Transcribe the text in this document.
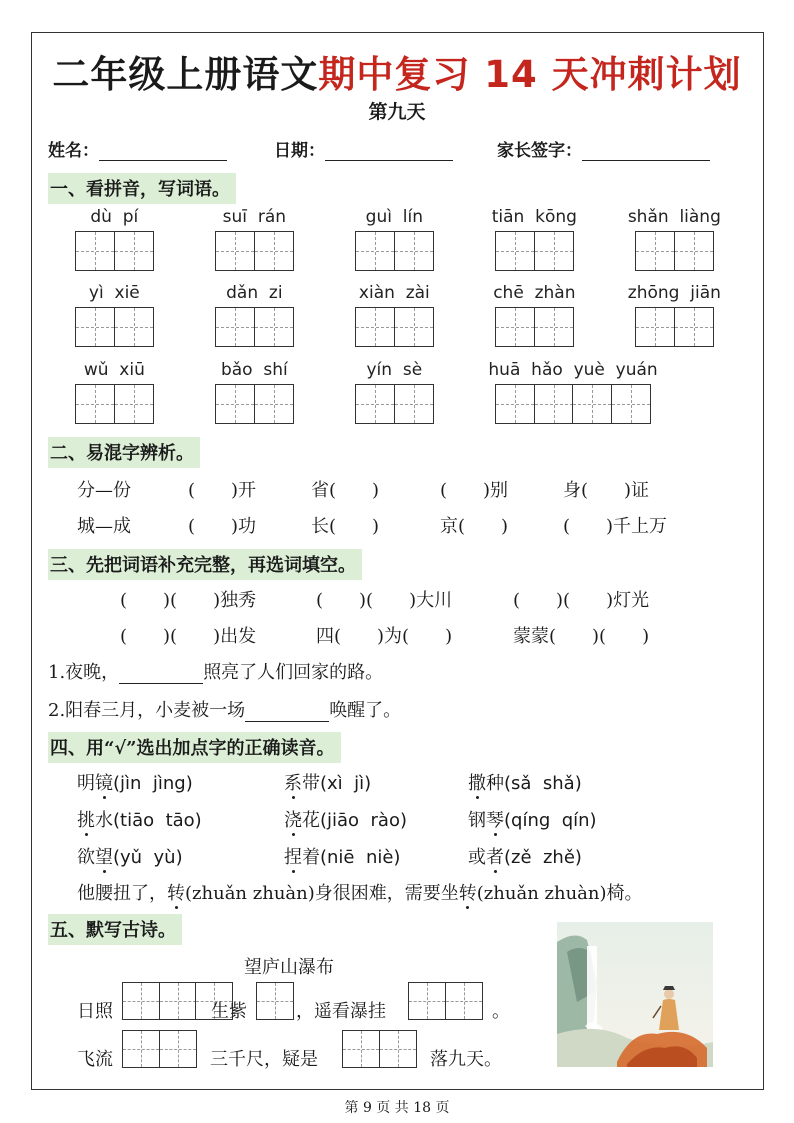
二年级上册语文期中复习 14 天冲刺计划
第九天
姓名：	日期：	家长签字：
一、看拼音，写词语。
dù  pí	suī  rán	guì  lín	tiān  kōng	shǎn  liàng
yì  xiē	dǎn  zi	xiàn  zài	chē  zhàn	zhōng  jiān
wǔ  xiū	bǎo  shí	yín  sè	huā  hǎo  yuè  yuán
二、易混字辨析。
分—份	(　　)开	省(　　)	(　　)别	身(　　)证
城—成	(　　)功	长(　　)	京(　　)	(　　)千上万
三、先把词语补充完整，再选词填空。
(　　)(　　)独秀	(　　)(　　)大川	(　　)(　　)灯光
(　　)(　　)出发	四(　　)为(　　)	蒙蒙(　　)(　　)
1.夜晚，	照亮了人们回家的路。
2.阳春三月，小麦被一场	唤醒了。
四、用“√”选出加点字的正确读音。
明镜(jìn  jìng)	系带(xì  jì)	撒种(sǎ  shǎ)
挑水(tiāo  tāo)	浇花(jiāo  rào)	钢琴(qíng  qín)
欲望(yǔ  yù)	捏着(niē  niè)	或者(zě  zhě)
他腰扭了，转(zhuǎn zhuàn)身很困难，需要坐转(zhuǎn zhuàn)椅。
五、默写古诗。
望庐山瀑布
日照	生紫	，遥看瀑挂	。
飞流	三千尺，疑是	落九天。
第 9 页 共 18 页
